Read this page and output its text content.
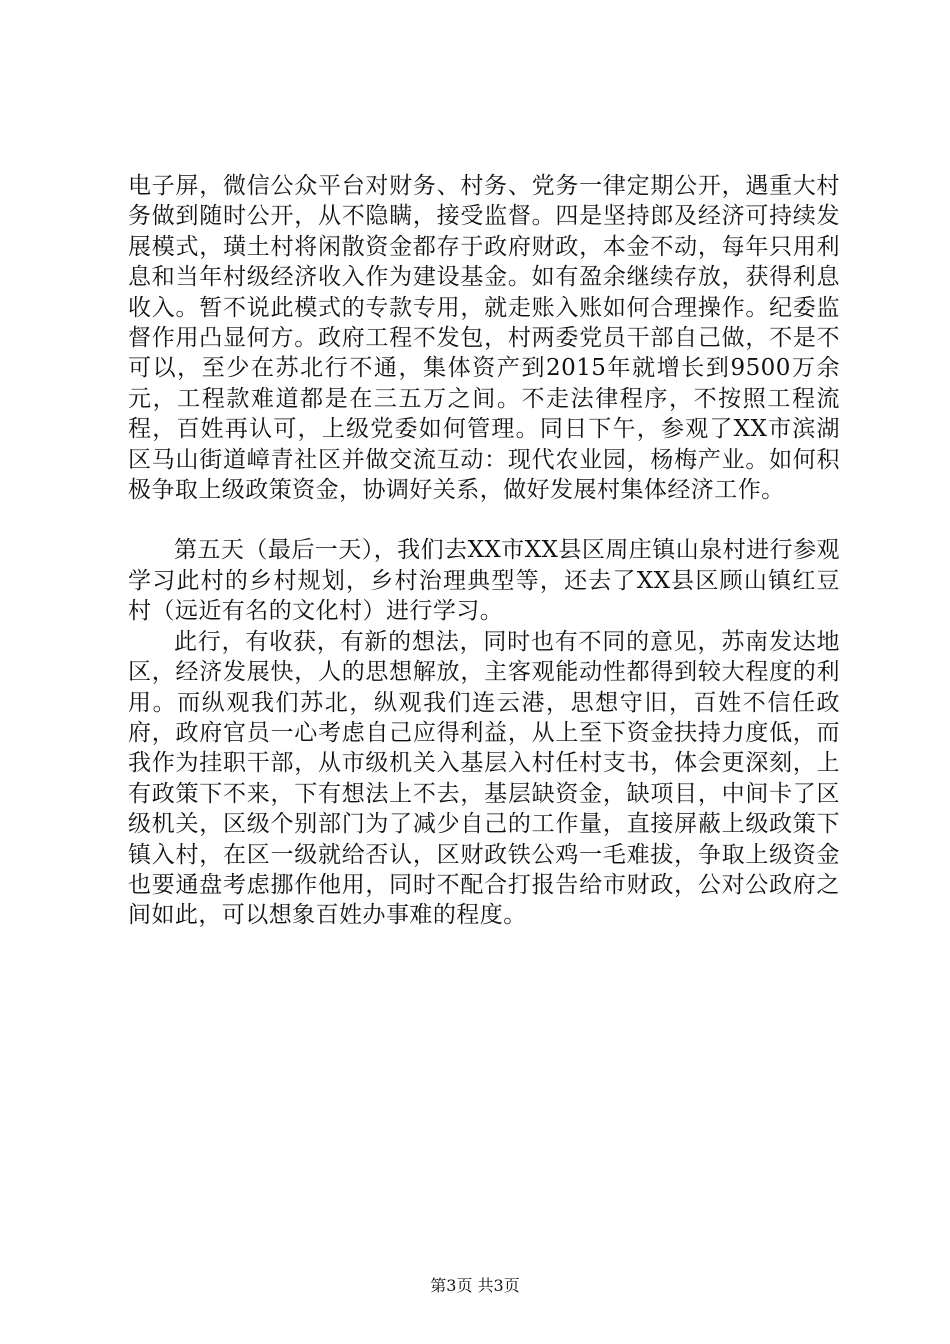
电子屏，微信公众平台对财务、村务、党务一律定期公开，遇重大村务做到随时公开，从不隐瞒，接受监督。四是坚持郎及经济可持续发展模式，璜土村将闲散资金都存于政府财政，本金不动，每年只用利息和当年村级经济收入作为建设基金。如有盈余继续存放，获得利息收入。暂不说此模式的专款专用，就走账入账如何合理操作。纪委监督作用凸显何方。政府工程不发包，村两委党员干部自己做，不是不可以，至少在苏北行不通，集体资产到2015年就增长到9500万余元，工程款难道都是在三五万之间。不走法律程序，不按照工程流程，百姓再认可，上级党委如何管理。同日下午，参观了XX市滨湖区马山街道嶂青社区并做交流互动：现代农业园，杨梅产业。如何积极争取上级政策资金，协调好关系，做好发展村集体经济工作。

第五天（最后一天），我们去XX市XX县区周庄镇山泉村进行参观学习此村的乡村规划，乡村治理典型等，还去了XX县区顾山镇红豆村（远近有名的文化村）进行学习。

此行，有收获，有新的想法，同时也有不同的意见，苏南发达地区，经济发展快，人的思想解放，主客观能动性都得到较大程度的利用。而纵观我们苏北，纵观我们连云港，思想守旧，百姓不信任政府，政府官员一心考虑自己应得利益，从上至下资金扶持力度低，而我作为挂职干部，从市级机关入基层入村任村支书，体会更深刻，上有政策下不来，下有想法上不去，基层缺资金，缺项目，中间卡了区级机关，区级个别部门为了减少自己的工作量，直接屏蔽上级政策下镇入村，在区一级就给否认，区财政铁公鸡一毛难拔，争取上级资金也要通盘考虑挪作他用，同时不配合打报告给市财政，公对公政府之间如此，可以想象百姓办事难的程度。

第3页 共3页
